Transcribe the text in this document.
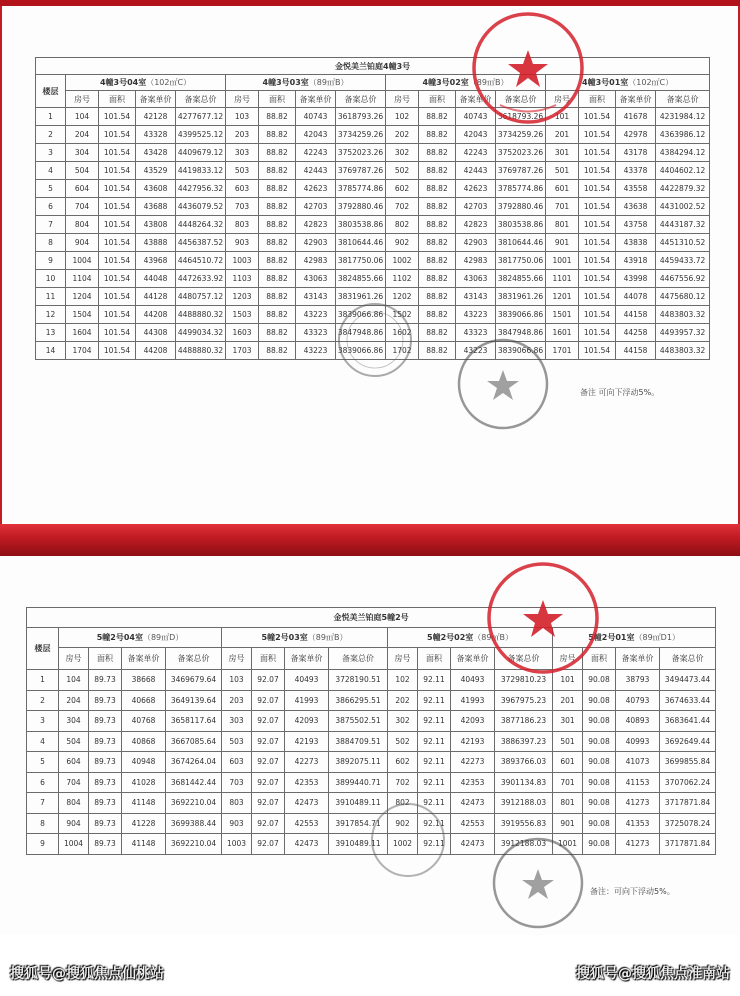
金悦美兰铂庭4幢3号																
楼层	4幢3号04室（102㎡C）				4幢3号03室（89㎡B）				4幢3号02室（89㎡B）				4幢3号01室（102㎡C）			
	房号	面积	备案单价	备案总价	房号	面积	备案单价	备案总价	房号	面积	备案单价	备案总价	房号	面积	备案单价	备案总价
1	104	101.54	42128	4277677.12	103	88.82	40743	3618793.26	102	88.82	40743	3618793.26	101	101.54	41678	4231984.12
2	204	101.54	43328	4399525.12	203	88.82	42043	3734259.26	202	88.82	42043	3734259.26	201	101.54	42978	4363986.12
3	304	101.54	43428	4409679.12	303	88.82	42243	3752023.26	302	88.82	42243	3752023.26	301	101.54	43178	4384294.12
4	504	101.54	43529	4419833.12	503	88.82	42443	3769787.26	502	88.82	42443	3769787.26	501	101.54	43378	4404602.12
5	604	101.54	43608	4427956.32	603	88.82	42623	3785774.86	602	88.82	42623	3785774.86	601	101.54	43558	4422879.32
6	704	101.54	43688	4436079.52	703	88.82	42703	3792880.46	702	88.82	42703	3792880.46	701	101.54	43638	4431002.52
7	804	101.54	43808	4448264.32	803	88.82	42823	3803538.86	802	88.82	42823	3803538.86	801	101.54	43758	4443187.32
8	904	101.54	43888	4456387.52	903	88.82	42903	3810644.46	902	88.82	42903	3810644.46	901	101.54	43838	4451310.52
9	1004	101.54	43968	4464510.72	1003	88.82	42983	3817750.06	1002	88.82	42983	3817750.06	1001	101.54	43918	4459433.72
10	1104	101.54	44048	4472633.92	1103	88.82	43063	3824855.66	1102	88.82	43063	3824855.66	1101	101.54	43998	4467556.92
11	1204	101.54	44128	4480757.12	1203	88.82	43143	3831961.26	1202	88.82	43143	3831961.26	1201	101.54	44078	4475680.12
12	1504	101.54	44208	4488880.32	1503	88.82	43223	3839066.86	1502	88.82	43223	3839066.86	1501	101.54	44158	4483803.32
13	1604	101.54	44308	4499034.32	1603	88.82	43323	3847948.86	1602	88.82	43323	3847948.86	1601	101.54	44258	4493957.32
14	1704	101.54	44208	4488880.32	1703	88.82	43223	3839066.86	1702	88.82	43223	3839066.86	1701	101.54	44158	4483803.32
备注 可向下浮动5%。
金悦美兰铂庭5幢2号																
楼层	5幢2号04室（89㎡D）				5幢2号03室（89㎡B）				5幢2号02室（89㎡B）				5幢2号01室（89㎡D1）			
	房号	面积	备案单价	备案总价	房号	面积	备案单价	备案总价	房号	面积	备案单价	备案总价	房号	面积	备案单价	备案总价
1	104	89.73	38668	3469679.64	103	92.07	40493	3728190.51	102	92.11	40493	3729810.23	101	90.08	38793	3494473.44
2	204	89.73	40668	3649139.64	203	92.07	41993	3866295.51	202	92.11	41993	3967975.23	201	90.08	40793	3674633.44
3	304	89.73	40768	3658117.64	303	92.07	42093	3875502.51	302	92.11	42093	3877186.23	301	90.08	40893	3683641.44
4	504	89.73	40868	3667085.64	503	92.07	42193	3884709.51	502	92.11	42193	3886397.23	501	90.08	40993	3692649.44
5	604	89.73	40948	3674264.04	603	92.07	42273	3892075.11	602	92.11	42273	3893766.03	601	90.08	41073	3699855.84
6	704	89.73	41028	3681442.44	703	92.07	42353	3899440.71	702	92.11	42353	3901134.83	701	90.08	41153	3707062.24
7	804	89.73	41148	3692210.04	803	92.07	42473	3910489.11	802	92.11	42473	3912188.03	801	90.08	41273	3717871.84
8	904	89.73	41228	3699388.44	903	92.07	42553	3917854.71	902	92.11	42553	3919556.83	901	90.08	41353	3725078.24
9	1004	89.73	41148	3692210.04	1003	92.07	42473	3910489.11	1002	92.11	42473	3912188.03	1001	90.08	41273	3717871.84
备注：可向下浮动5%。
搜狐号@搜狐焦点仙桃站	搜狐号@搜狐焦点淮南站
